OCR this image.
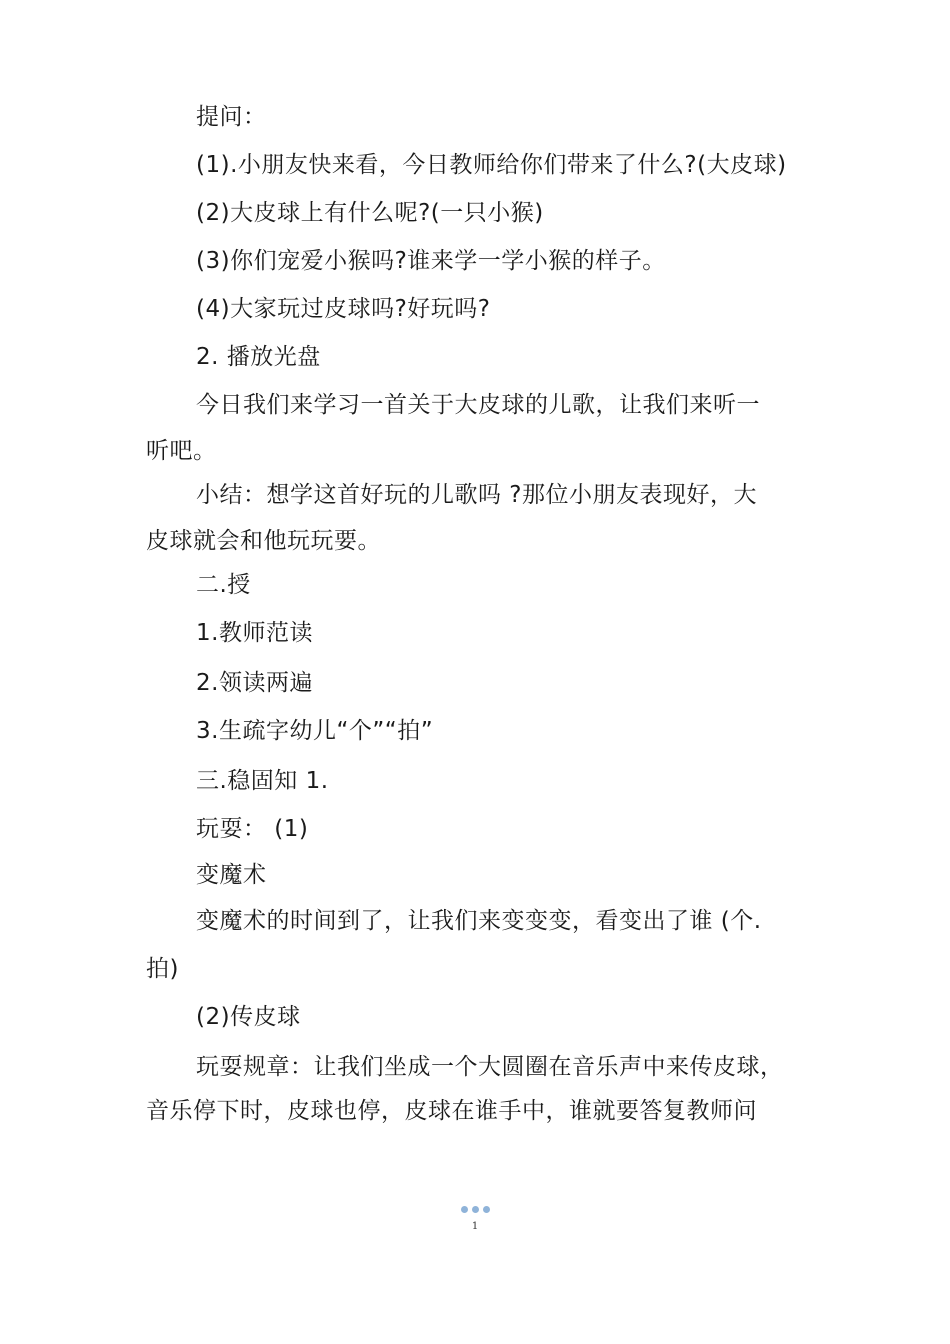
提问：
(1).小朋友快来看，今日教师给你们带来了什么?(大皮球)
(2)大皮球上有什么呢?(一只小猴)
(3)你们宠爱小猴吗?谁来学一学小猴的样子。
(4)大家玩过皮球吗?好玩吗?
2. 播放光盘
今日我们来学习一首关于大皮球的儿歌，让我们来听一
听吧。
小结：想学这首好玩的儿歌吗 ?那位小朋友表现好，大
皮球就会和他玩玩要。
二.授
1.教师范读
2.领读两遍
3.生疏字幼儿“个”“拍”
三.稳固知 1.
玩耍： (1)
变魔术
变魔术的时间到了，让我们来变变变，看变出了谁 (个.
拍)
(2)传皮球
玩耍规章：让我们坐成一个大圆圈在音乐声中来传皮球，
音乐停下时，皮球也停，皮球在谁手中，谁就要答复教师问
1
